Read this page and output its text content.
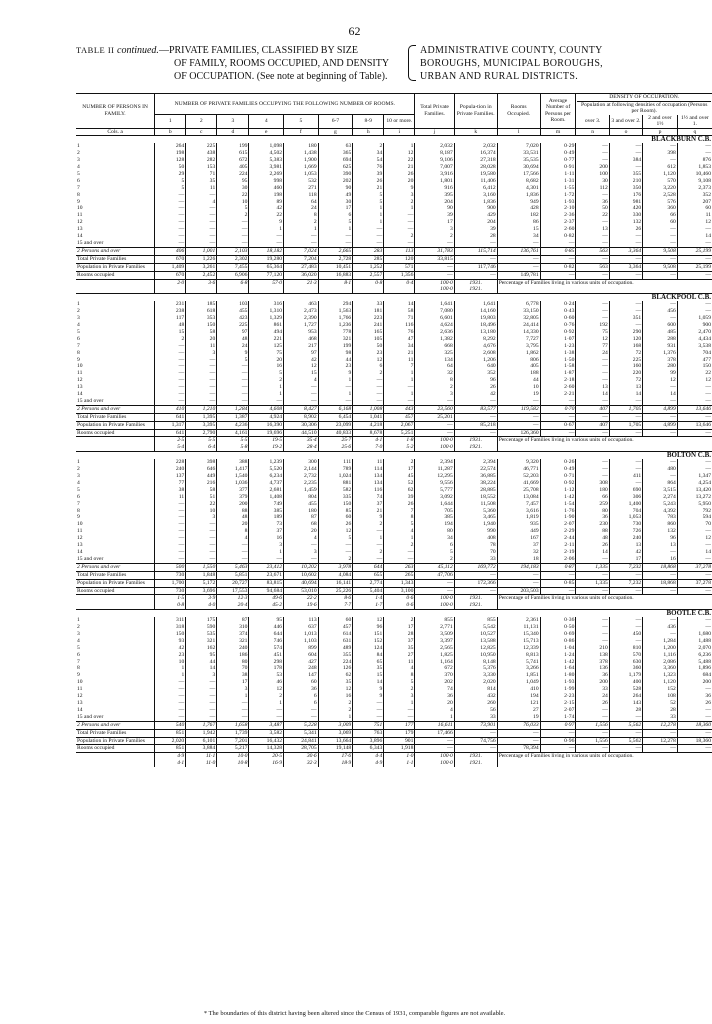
62
TABLE II continued.—PRIVATE FAMILIES, CLASSIFIED BY SIZE
OF FAMILY, ROOMS OCCUPIED, AND DENSITY
OF OCCUPATION. (See note at beginning of Table).
ADMINISTRATIVE COUNTY, COUNTY
BOROUGHS, MUNICIPAL BOROUGHS,
URBAN AND RURAL DISTRICTS.
NUMBER OF PERSONS IN FAMILY.	NUMBER OF PRIVATE FAMILIES OCCUPYING THE FOLLOWING NUMBER OF ROOMS.								Total Private Families.	Popula-tion in Private Families.	Rooms Occupied.	Average Number of Persons per Room.	DENSITY OF OCCUPATION.
Population at following densities of occupation (Persons per Room).			

	1	2	3	4	5	6-7	8-9	10 or more.					over 3.	3 and over 2.	2 and over 1½	1½ and over 1.
Cols. a	b	c	d	e	f	g	h	i	j	k	l	m	n	o	p	q
BLACKBURN C.B.																
1	264	225	199	1,098	180	63	2	1	2,032	2,032	7,020	0·29	—	—	—	—
2	198	438	615	4,502	1,438	365	34	12	8,187	16,374	33,531	0·49	—	—	398	—
3	128	282	672	5,383	1,900	694	54	22	9,106	27,318	35,535	0·77	—	384	—	876
4	50	153	405	3,981	1,669	625	76	21	7,007	28,028	30,694	0·91	200	—	612	1,853
5	29	71	224	2,269	1,053	390	39	26	3,916	19,580	17,566	1·11	100	355	1,120	10,460
6	5	35	95	998	532	202	26	20	1,801	11,406	8,682	1·31	30	210	570	9,108
7	5	11	30	460	271	90	21	9	916	6,412	4,301	1·55	112	350	3,220	2,373
8	—	—	22	198	118	49	5	3	395	3,160	1,836	1·72	—	176	2,528	352
9	—	4	10	89	64	30	5	2	204	1,836	949	1·93	36	981	576	207
10	—	—	5	42	24	17	1	1	90	900	428	2·10	50	420	360	60
11	—	—	2	22	8	6	1	—	39	429	182	2·36	22	330	66	11
12	—	—	—	9	2	5	1	—	17	204	86	2·37	—	132	60	12
13	—	—	—	1	1	1	—	—	3	39	15	2·60	13	26	—	—
14	—	—	—	—	—	—	—	2	2	28	34	0·82	—	—	—	14
15 and over	—	—	—	—	—	—	—	—	—	—	—	—	—	—	—	—
2 Persons and over	406	1,001	2,103	18,182	7,024	2,665	283	113	31,783	115,714	136,761	0·85	563	3,364	9,508	25,199
Total Private Families	670	1,226	2,302	19,280	7,204	2,728	285	120	33,815	—	—	—	—	—	—	—
Population in Private Families	1,409	3,261	7,455	65,364	27,483	10,451	1,252	571	—	117,746	—	0·82	563	3,364	9,508	25,199
Rooms occupied	670	2,452	6,906	77,120	36,020	16,883	2,557	1,356	—	—	149,781	—	—	—	—	—
	2·0	3·6	6·8	57·0	21·3	8·1	0·8	0·4	100·0	1931.	Percentage of Families living in various units of occupation.					
									100·0	1921.						
BLACKPOOL C.B.																
1	231	185	103	316	463	294	33	14	1,641	1,641	6,778	0·24	—	—	—	—
2	238	618	455	1,310	2,473	1,563	181	58	7,080	14,160	33,150	0·43	—	—	456	—
3	117	353	423	1,329	2,390	1,766	223	71	6,601	19,803	32,805	0·60	—	351	—	1,059
4	48	150	225	861	1,727	1,236	241	116	4,624	18,496	24,414	0·76	192	—	600	900
5	15	58	97	494	953	778	165	76	2,636	13,180	14,330	0·92	75	290	485	2,470
6	2	20	48	221	468	321	105	47	1,382	8,292	7,727	1·07	12	120	288	4,434
7	—	11	24	125	217	199	50	34	668	4,676	3,795	1·23	77	168	931	3,538
8	—	3	9	75	97	98	23	21	325	2,608	1,862	1·38	24	72	1,376	704
9	—	—	5	20	42	44	12	11	134	1,206	806	1·50	—	225	378	477
10	—	—	—	16	12	23	6	7	64	640	405	1·58	—	160	280	150
11	—	—	—	5	15	9	2	1	32	352	188	1·87	—	220	99	22
12	—	—	—	2	4	1	—	1	8	96	44	2·18	—	72	12	12
13	—	—	—	1	—	—	—	—	2	26	10	2·60	13	13	—	—
14	—	—	—	1	—	1	—	1	3	42	19	2·21	14	14	14	—
15 and over	—	—	—	—	—	—	—	—	—	—	—	—	—	—	—	—
2 Persons and over	410	1,210	1,284	4,608	8,427	6,168	1,008	443	23,560	83,577	119,582	0·70	407	1,705	4,899	13,646
Total Private Families	641	1,395	1,387	4,924	8,902	6,454	1,041	457	25,201	—	—	—	—	—	—	—
Population in Private Families	1,317	3,395	4,236	16,390	30,306	23,099	4,218	2,067	—	85,218	—	0·67	407	1,705	4,899	13,646
Rooms occupied	641	2,790	4,161	19,696	44,510	40,833	8,678	5,251	—	—	126,360	—	—	—	—	—
	2·5	5·5	5·5	19·5	35·4	25·7	4·1	1·8	100·0	1931.	Percentage of Families living in various units of occupation.					
	5·4	6·4	5·8	19·2	28·4	25·6	7·0	5·2	100·0	1921.						
BOLTON C.B.																
1	228	398	388	1,239	300	111	11	2	2,394	2,394	9,320	0·26	—	—	—	—
2	240	646	1,417	5,520	2,144	789	114	17	11,287	22,574	46,771	0·49	—	—	480	—
3	137	449	1,540	6,234	2,732	1,024	134	45	12,295	36,885	52,203	0·71	—	411	—	1,347
4	77	216	1,036	4,737	2,235	881	134	52	9,556	38,224	41,669	0·92	308	—	864	4,254
5	38	58	377	2,681	1,459	582	116	62	5,777	28,885	25,708	1·12	180	690	3,515	13,420
6	11	51	379	1,408	804	335	74	39	3,092	18,552	13,084	1·42	66	306	2,274	13,272
7	—	22	200	749	455	150	37	26	1,644	11,508	7,457	1·54	259	1,400	5,243	5,950
8	—	10	88	385	180	85	21	7	705	5,360	3,616	1·76	80	704	4,392	792
9	—	3	48	189	87	60	9	8	385	3,465	1,819	1·90	36	1,053	783	594
10	—	—	20	73	68	26	2	5	194	1,940	935	2·07	230	730	860	70
11	—	—	8	37	20	12	—	4	80	990	449	2·29	88	726	132	—
12	—	—	4	16	4	5	1	1	34	408	167	2·44	48	240	96	12
13	—	—	—	3	—	—	—	2	6	78	37	2·11	26	13	13	—
14	—	—	—	1	3	—	2	—	5	70	32	2·19	14	42	—	14
15 and over	—	—	—	—	—	2	—	—	2	33	18	2·06	—	17	16	—
2 Persons and over	500	1,550	5,463	23,412	10,202	3,978	644	263	45,112	169,772	194,183	0·87	1,335	7,232	18,868	37,278
Total Private Families	730	1,848	5,851	23,671	10,602	4,084	655	265	47,706	—	—	—	—	—	—	—
Population in Private Families	1,700	5,172	20,727	83,815	40,694	16,141	2,774	1,343	—	172,366	—	0·85	1,335	7,232	18,868	37,278
Rooms occupied	730	3,696	17,553	94,684	53,010	25,226	5,404	3,100	—	—	203,503	—	—	—	—	—
	1·5	3·9	12·3	49·6	22·2	8·6	1·4	0·6	100·0	1931.	Percentage of Families living in various units of occupation.					
	0·8	4·0	20·4	45·2	19·6	7·7	1·7	0·6	100·0	1921.						
BOOTLE C.B.																
1	311	175	87	95	113	60	12	2	855	855	2,361	0·36	—	—	—	—
2	318	590	310	446	637	457	96	17	2,771	5,542	11,131	0·50	—	—	436	—
3	150	535	374	644	1,013	614	151	28	3,509	10,527	15,340	0·69	—	450	—	1,680
4	93	321	321	746	1,103	631	152	37	3,397	13,588	15,713	0·86	—	—	1,284	1,488
5	42	162	240	574	899	489	124	35	2,565	12,825	12,339	1·04	210	810	1,200	2,070
6	23	95	186	451	604	355	84	27	1,825	10,950	8,813	1·24	138	570	1,116	6,236
7	10	44	80	298	427	224	65	11	1,164	8,148	5,741	1·42	378	630	2,086	5,488
8	1	14	70	178	248	126	35	4	672	5,376	3,266	1·64	136	360	3,360	1,896
9	1	3	38	53	147	62	15	8	370	3,330	1,851	1·80	36	1,179	1,323	684
10	—	—	17	46	60	35	14	5	202	2,020	1,049	1·93	200	400	1,120	200
11	—	—	3	12	36	12	9	2	74	814	410	1·99	33	528	152	—
12	—	—	1	2	6	16	9	3	36	432	194	2·23	24	264	108	36
13	—	—	—	1	6	2	—	1	20	260	121	2·15	26	143	52	26
14	—	—	—	—	—	2	—	—	4	56	27	2·07	—	28	28	—
15 and over	—	—	—	—	—	1	—	—	1	33	19	1·74	—	—	33	—
2 Persons and over	540	1,767	1,658	3,487	5,228	3,009	751	177	16,611	73,901	76,033	0·97	1,556	5,562	12,278	18,360
Total Private Families	851	1,942	1,739	3,582	5,341	3,069	763	179	17,466	—	—	—	—	—	—	—
Population in Private Families	2,020	6,101	7,201	16,432	24,841	13,664	3,896	901	—	74,756	—	0·96	1,556	5,562	12,278	18,360
Rooms occupied	851	3,884	5,217	14,328	28,705	19,148	6,343	1,918	—	—	78,394	—	—	—	—	—
	4·9	11·1	10·0	20·5	30·6	17·6	4·4	1·0	100·0	1931.	Percentage of Families living in various units of occupation.					
	4·1	11·0	10·8	16·9	32·3	18·9	4·9	1·1	100·0	1921.						
* The boundaries of this district having been altered since the Census of 1931, comparable figures are not available.
